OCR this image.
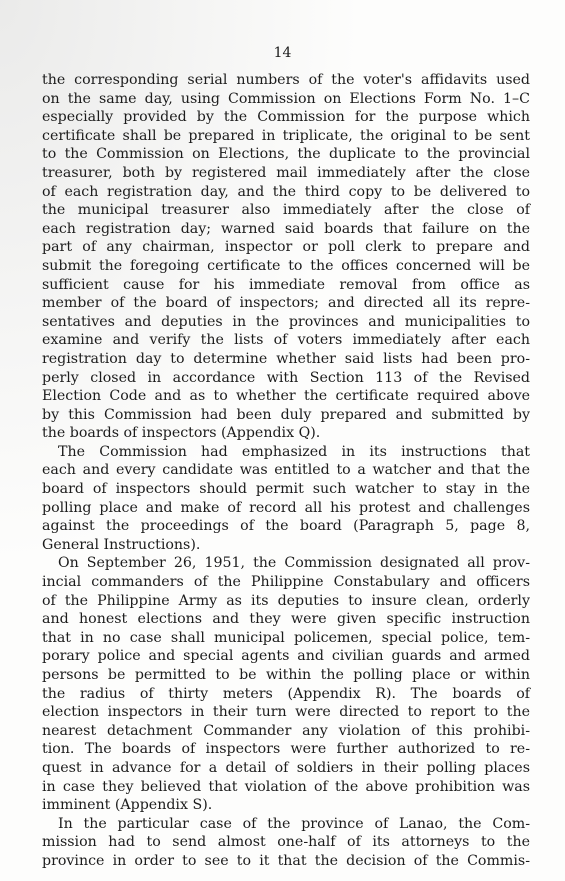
14

the corresponding serial numbers of the voter's affidavits used
on the same day, using Commission on Elections Form No. 1–C
especially provided by the Commission for the purpose which
certificate shall be prepared in triplicate, the original to be sent
to the Commission on Elections, the duplicate to the provincial
treasurer, both by registered mail immediately after the close
of each registration day, and the third copy to be delivered to
the municipal treasurer also immediately after the close of
each registration day; warned said boards that failure on the
part of any chairman, inspector or poll clerk to prepare and
submit the foregoing certificate to the offices concerned will be
sufficient cause for his immediate removal from office as
member of the board of inspectors; and directed all its repre-
sentatives and deputies in the provinces and municipalities to
examine and verify the lists of voters immediately after each
registration day to determine whether said lists had been pro-
perly closed in accordance with Section 113 of the Revised
Election Code and as to whether the certificate required above
by this Commission had been duly prepared and submitted by
the boards of inspectors (Appendix Q).

The Commission had emphasized in its instructions that
each and every candidate was entitled to a watcher and that the
board of inspectors should permit such watcher to stay in the
polling place and make of record all his protest and challenges
against the proceedings of the board (Paragraph 5, page 8,
General Instructions).

On September 26, 1951, the Commission designated all prov-
incial commanders of the Philippine Constabulary and officers
of the Philippine Army as its deputies to insure clean, orderly
and honest elections and they were given specific instruction
that in no case shall municipal policemen, special police, tem-
porary police and special agents and civilian guards and armed
persons be permitted to be within the polling place or within
the radius of thirty meters (Appendix R). The boards of
election inspectors in their turn were directed to report to the
nearest detachment Commander any violation of this prohibi-
tion. The boards of inspectors were further authorized to re-
quest in advance for a detail of soldiers in their polling places
in case they believed that violation of the above prohibition was
imminent (Appendix S).

In the particular case of the province of Lanao, the Com-
mission had to send almost one-half of its attorneys to the
province in order to see to it that the decision of the Commis-
